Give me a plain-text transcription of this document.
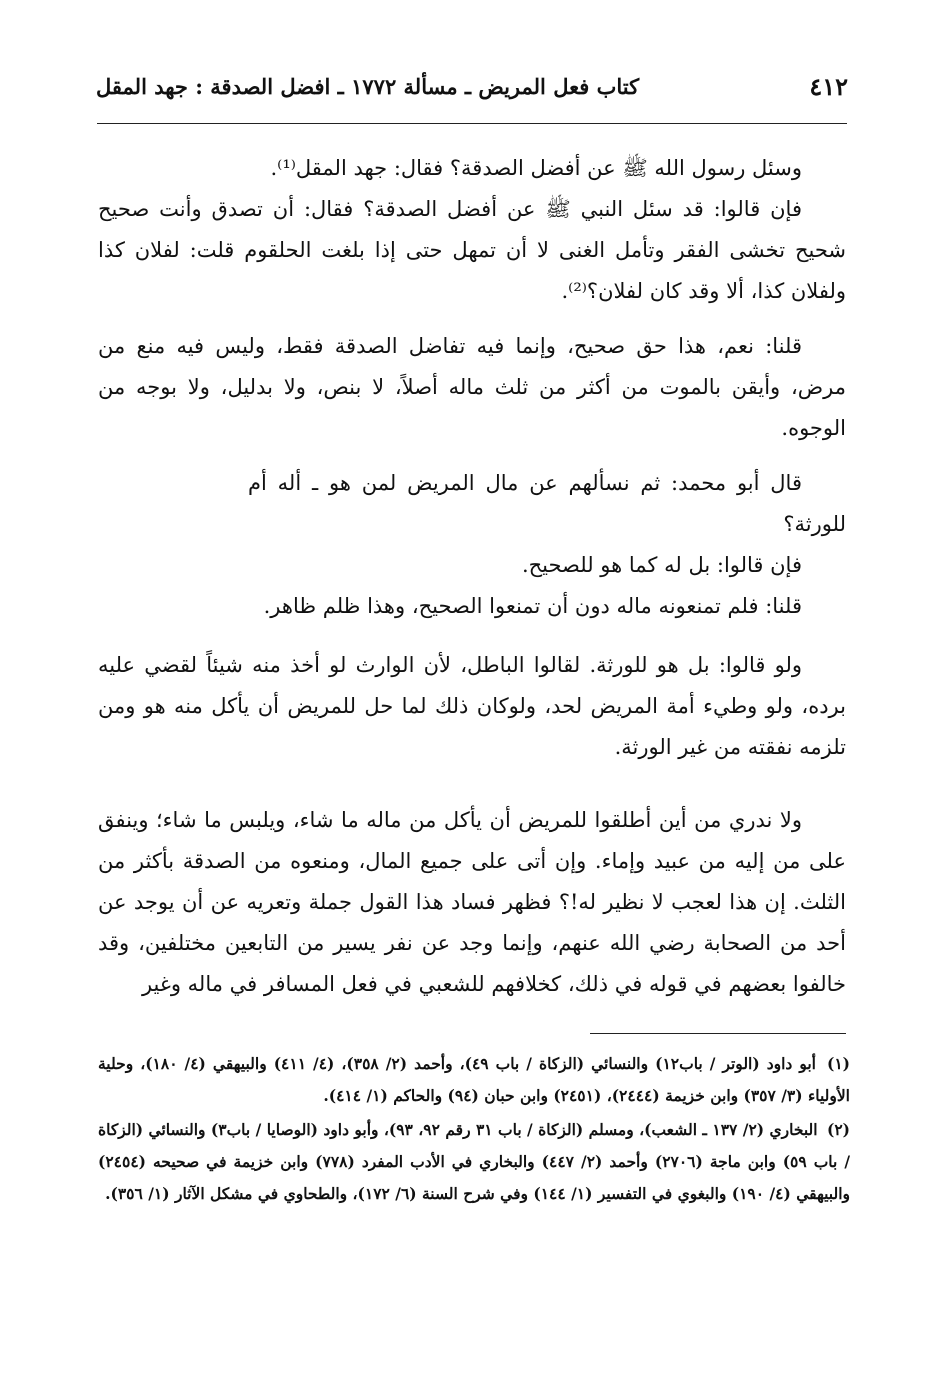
٤١٢
كتاب فعل المريض ـ مسألة ١٧٧٢ ـ افضل الصدقة : جهد المقل

وسئل رسول الله ﷺ عن أفضل الصدقة؟ فقال: جهد المقل⁽¹⁾.

فإن قالوا: قد سئل النبي ﷺ عن أفضل الصدقة؟ فقال: أن تصدق وأنت صحيح شحيح تخشى الفقر وتأمل الغنى لا أن تمهل حتى إذا بلغت الحلقوم قلت: لفلان كذا ولفلان كذا، ألا وقد كان لفلان؟⁽²⁾.

قلنا: نعم، هذا حق صحيح، وإنما فيه تفاضل الصدقة فقط، وليس فيه منع من مرض، وأيقن بالموت من أكثر من ثلث ماله أصلاً، لا بنص، ولا بدليل، ولا بوجه من الوجوه.

قال أبو محمد: ثم نسألهم عن مال المريض لمن هو ـ أله أم للورثة؟

فإن قالوا: بل له كما هو للصحيح.

قلنا: فلم تمنعونه ماله دون أن تمنعوا الصحيح، وهذا ظلم ظاهر.

ولو قالوا: بل هو للورثة. لقالوا الباطل، لأن الوارث لو أخذ منه شيئاً لقضي عليه برده، ولو وطيء أمة المريض لحد، ولوكان ذلك لما حل للمريض أن يأكل منه هو ومن تلزمه نفقته من غير الورثة.

ولا ندري من أين أطلقوا للمريض أن يأكل من ماله ما شاء، ويلبس ما شاء؛ وينفق على من إليه من عبيد وإماء. وإن أتى على جميع المال، ومنعوه من الصدقة بأكثر من الثلث. إن هذا لعجب لا نظير له!؟ فظهر فساد هذا القول جملة وتعريه عن أن يوجد عن أحد من الصحابة رضي الله عنهم، وإنما وجد عن نفر يسير من التابعين مختلفين، وقد خالفوا بعضهم في قوله في ذلك، كخلافهم للشعبي في فعل المسافر في ماله وغير

(١) أبو داود (الوتر / باب١٢) والنسائي (الزكاة / باب ٤٩)، وأحمد (٢/ ٣٥٨)، (٤/ ٤١١) والبيهقي (٤/ ١٨٠)، وحلية الأولياء (٣/ ٣٥٧) وابن خزيمة (٢٤٤٤)، (٢٤٥١) وابن حبان (٩٤) والحاكم (١/ ٤١٤).

(٢) البخاري (٢/ ١٣٧ ـ الشعب)، ومسلم (الزكاة / باب ٣١ رقم ٩٢، ٩٣)، وأبو داود (الوصايا / باب٣) والنسائي (الزكاة / باب ٥٩) وابن ماجة (٢٧٠٦) وأحمد (٢/ ٤٤٧) والبخاري في الأدب المفرد (٧٧٨) وابن خزيمة في صحيحه (٢٤٥٤) والبيهقي (٤/ ١٩٠) والبغوي في التفسير (١/ ١٤٤) وفي شرح السنة (٦/ ١٧٢)، والطحاوي في مشكل الآثار (١/ ٣٥٦).
